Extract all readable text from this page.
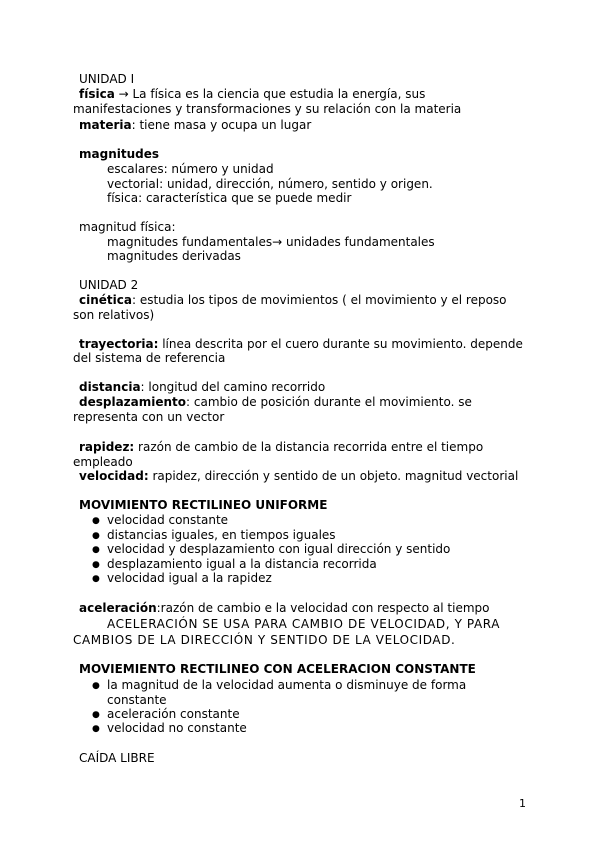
UNIDAD I
física → La física es la ciencia que estudia la energía, sus
manifestaciones y transformaciones y su relación con la materia
materia: tiene masa y ocupa un lugar
magnitudes
escalares: número y unidad
vectorial: unidad, dirección, número, sentido y origen.
física: característica que se puede medir
magnitud física:
magnitudes fundamentales→ unidades fundamentales
magnitudes derivadas
UNIDAD 2
cinética: estudia los tipos de movimientos ( el movimiento y el reposo
son relativos)
trayectoria: línea descrita por el cuero durante su movimiento. depende
del sistema de referencia
distancia: longitud del camino recorrido
desplazamiento: cambio de posición durante el movimiento. se
representa con un vector
rapidez: razón de cambio de la distancia recorrida entre el tiempo
empleado
velocidad: rapidez, dirección y sentido de un objeto. magnitud vectorial
MOVIMIENTO RECTILINEO UNIFORME
● velocidad constante
● distancias iguales, en tiempos iguales
● velocidad y desplazamiento con igual dirección y sentido
● desplazamiento igual a la distancia recorrida
● velocidad igual a la rapidez
aceleración:razón de cambio e la velocidad con respecto al tiempo
ACELERACIÓN SE USA PARA CAMBIO DE VELOCIDAD, Y PARA
CAMBIOS DE LA DIRECCIÓN Y SENTIDO DE LA VELOCIDAD.
MOVIEMIENTO RECTILINEO CON ACELERACION CONSTANTE
● la magnitud de la velocidad aumenta o disminuye de forma
constante
● aceleración constante
● velocidad no constante
CAÍDA LIBRE
1
